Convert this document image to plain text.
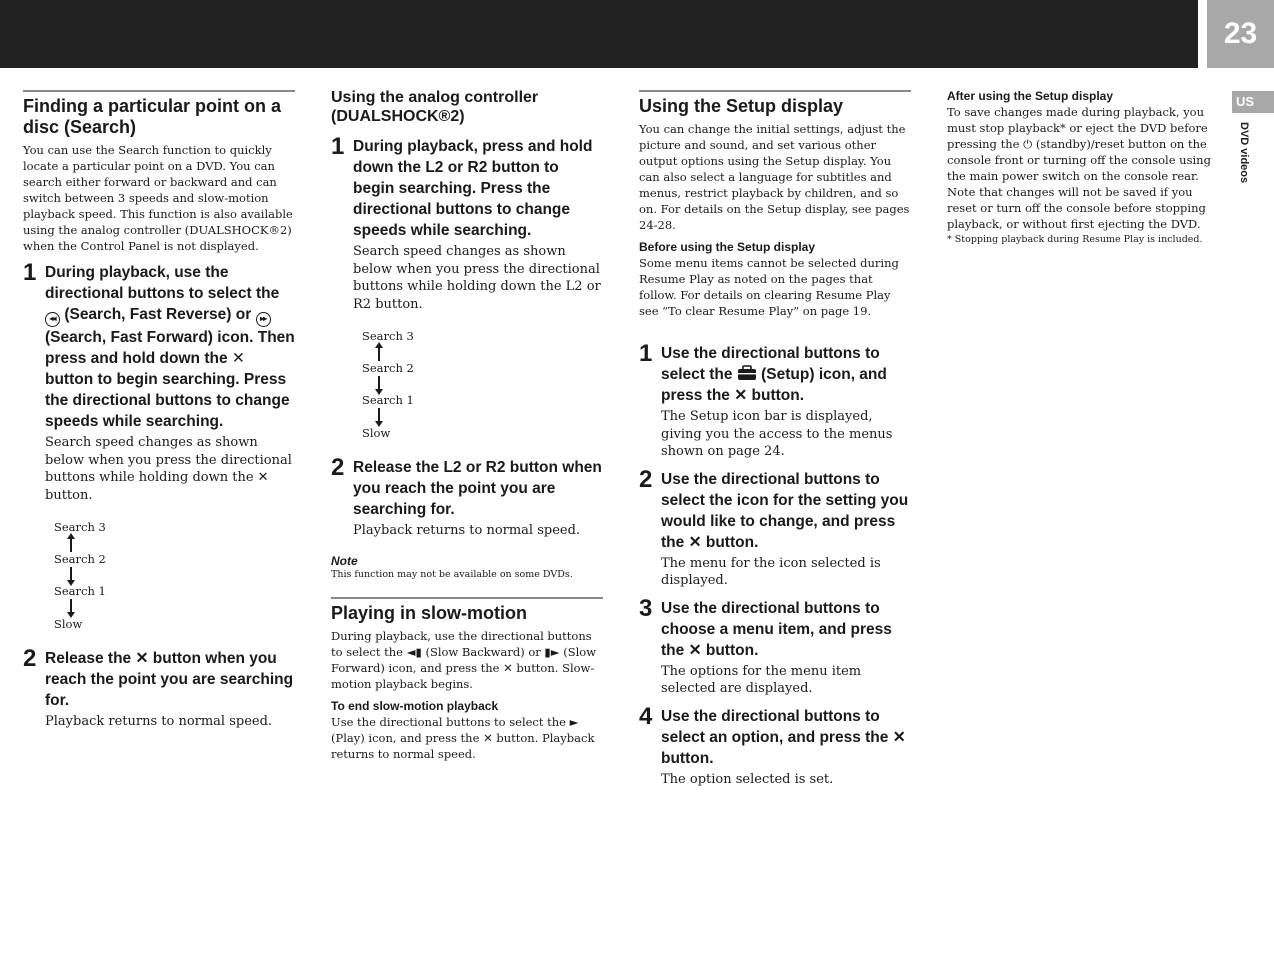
23
US
DVD videos
Finding a particular point on a disc (Search)

You can use the Search function to quickly locate a particular point on a DVD. You can search either forward or backward and can switch between 3 speeds and slow-motion playback speed. This function is also available using the analog controller (DUALSHOCK®2) when the Control Panel is not displayed.

1 During playback, use the directional buttons to select the ◂◂ (Search, Fast Reverse) or ▸▸ (Search, Fast Forward) icon. Then press and hold down the ✕ button to begin searching. Press the directional buttons to change speeds while searching.
Search speed changes as shown below when you press the directional buttons while holding down the ✕ button.
Search 3
Search 2
Search 1
Slow
2 Release the ✕ button when you reach the point you are searching for.
Playback returns to normal speed.
Using the analog controller (DUALSHOCK®2)
1 During playback, press and hold down the L2 or R2 button to begin searching. Press the directional buttons to change speeds while searching.
Search speed changes as shown below when you press the directional buttons while holding down the L2 or R2 button.
Search 3
Search 2
Search 1
Slow
2 Release the L2 or R2 button when you reach the point you are searching for.
Playback returns to normal speed.
Note
This function may not be available on some DVDs.
Playing in slow-motion

During playback, use the directional buttons to select the ◄▮ (Slow Backward) or ▮► (Slow Forward) icon, and press the ✕ button. Slow-motion playback begins.

To end slow-motion playback

Use the directional buttons to select the ► (Play) icon, and press the ✕ button. Playback returns to normal speed.

Using the Setup display

You can change the initial settings, adjust the picture and sound, and set various other output options using the Setup display. You can also select a language for subtitles and menus, restrict playback by children, and so on. For details on the Setup display, see pages 24-28.

Before using the Setup display

Some menu items cannot be selected during Resume Play as noted on the pages that follow. For details on clearing Resume Play see “To clear Resume Play” on page 19.

1 Use the directional buttons to select the (Setup) icon, and press the ✕ button.
The Setup icon bar is displayed, giving you the access to the menus shown on page 24.
2 Use the directional buttons to select the icon for the setting you would like to change, and press the ✕ button.
The menu for the icon selected is displayed.
3 Use the directional buttons to choose a menu item, and press the ✕ button.
The options for the menu item selected are displayed.
4 Use the directional buttons to select an option, and press the ✕ button.
The option selected is set.
After using the Setup display

To save changes made during playback, you must stop playback* or eject the DVD before pressing the ⏻ (standby)/reset button on the console front or turning off the console using the main power switch on the console rear. Note that changes will not be saved if you reset or turn off the console before stopping playback, or without first ejecting the DVD.

* Stopping playback during Resume Play is included.
